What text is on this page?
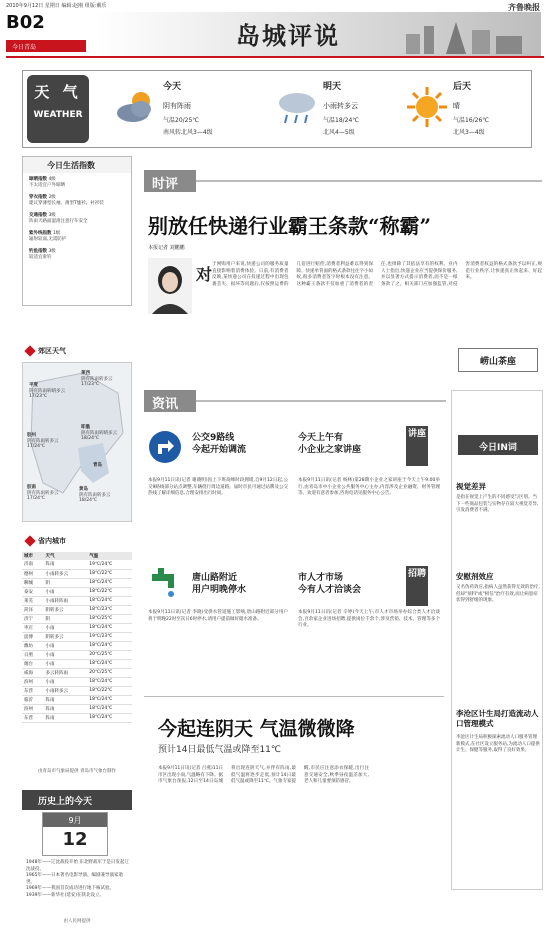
2010年9月12日 星期日 编辑:赵刚 组版:戴乐	齐鲁晚报
B02
今日青岛	岛城评说
天 气
WEATHER
今天
阴有阵雨
气温20/25℃
南风转北风3—4级
明天
小雨转多云
气温18/24℃
北风4—5级
后天
晴
气温16/26℃
北风3—4级
今日生活指数
晾晒指数 4级
不太适宜户外晾晒
穿衣指数 2级
建议穿薄型长袖、薄型T恤衫、衬衫装
交通指数 3级
阵雨天路面湿滑注意行车安全
紫外线指数 1级
辐射较弱,无需防护
钓鱼指数 3级
较适宜垂钓
郊区天气
平度
阴有阵雨转晴多云 17/23℃
莱西
阴有阵雨转多云 17/23℃
即墨
阴有阵雨转晴多云 18/24℃
胶州
阴有阵雨转多云 17/24℃
胶南
阴有阵雨转多云 17/24℃
黄岛
阴有阵雨转多云 18/24℃
青岛
省内城市
城市	天气	气温
济南	阵雨	19℃/24℃
德州	小雨转多云	18℃/22℃
聊城	阴	18℃/24℃
泰安	小雨	18℃/22℃
莱芜	小雨转阵雨	18℃/24℃
菏泽	阴转多云	18℃/23℃
济宁	阴	18℃/25℃
枣庄	小雨	18℃/24℃
淄博	阴转多云	19℃/23℃
潍坊	小雨	18℃/24℃
日照	小雨	20℃/25℃
烟台	小雨	18℃/24℃
威海	多云转阵雨	20℃/25℃
滨州	小雨	18℃/24℃
东营	小雨转多云	18℃/22℃
临沂	阵雨	18℃/24℃
滨州	阵雨	18℃/24℃
东营	阵雨	18℃/24℃
由青岛市气象局提供 青岛市气象台制作
历史上的今天
9月
12
1948年——辽沈战役开始 东北野战军于是日发起辽沈战役。
1965年——日本著名电影导演、编剧兼导演家逝世。
1969年——我国首次成功进行地下核试验。
1939年——新华社(延安)在陕北设立。
由人民网提供
时评
别放任快递行业霸王条款“称霸”
本报记者 刘鹏鹏
对
于网购用户来说,快递公司的服务质量直接影响着消费体验。日前,有消费者反映,某快递公司在投递过程中出现包裹丢失、损坏等问题后,仅按照运费的几倍进行赔偿,消费者利益难以得到保障。快递单背面的格式条款往往字小如蚁,很多消费者签字时根本没有注意。这种霸王条款不仅加重了消费者的责任,也排除了其依法享有的权利。业内人士指出,快递企业应当提供保价服务,并以显著方式提示消费者,而不是一纸条款了之。相关部门应加强监管,对侵害消费者权益的格式条款予以纠正,规范行业秩序,让快递真正快起来、好起来。
崂山茶座
资讯
公交9路线
今起开始调流
本报9月11日讯(记者 谢晓明)因上下班高峰时段拥堵,自9月12日起,公交9路线部分站点调整,车辆绕行周边道路。届时市民可通过站牌及公交热线了解详细信息,合理安排出行时间。
今天上午有
小企业之家讲座
讲座
本报9月11日讯(记者 杨林)第28期小企业之家讲座于今天上午9:00举行,由青岛市中小企业公共服务中心主办,内容涉及企业融资、财务管理等。欢迎有意者参加,咨询电话见服务中心公告。
唐山路附近
用户明晚停水
本报9月11日讯(记者 李晓)受供水管道施工影响,唐山路附近部分用户将于明晚22时至次日6时停水,请用户提前做好储水准备。
市人才市场
今有人才洽谈会
招聘
本报9月11日讯(记者 辛婷)今天上午,市人才市场举办综合类人才洽谈会,百余家企业进场招聘,提供岗位千余个,涉及营销、技术、管理等多个行业。
今日IN词
视觉差异
是指在视觉上产生的不同感受与区别。当下一些商品包装与实物存在较大视觉差异,引发消费者不满。
安慰剂效应
又名伪药效应,指病人虽然获得无效的治疗,但却"预料"或"相信"治疗有效,而让病患症状得到舒缓的现象。
李沧区计生局打造流动人口管理模式
李沧区计生局积极探索流动人口服务管理新模式,在社区设立服务站,为流动人口提供计生、保健等服务,取得了良好效果。
今起连阴天 气温微微降
预计14日最低气温或降至11℃
本报9月11日讯(记者 吕燕)11日市区出现小雨,气温略有下降。据市气象台预报,12日至14日岛城将出现连阴天气,并伴有阵雨,最低气温将逐步走低,预计14日最低气温或降至11℃。气象专家提醒,市民应注意添衣保暖,出行注意交通安全,秋季昼夜温差加大,老人和儿童要预防感冒。
